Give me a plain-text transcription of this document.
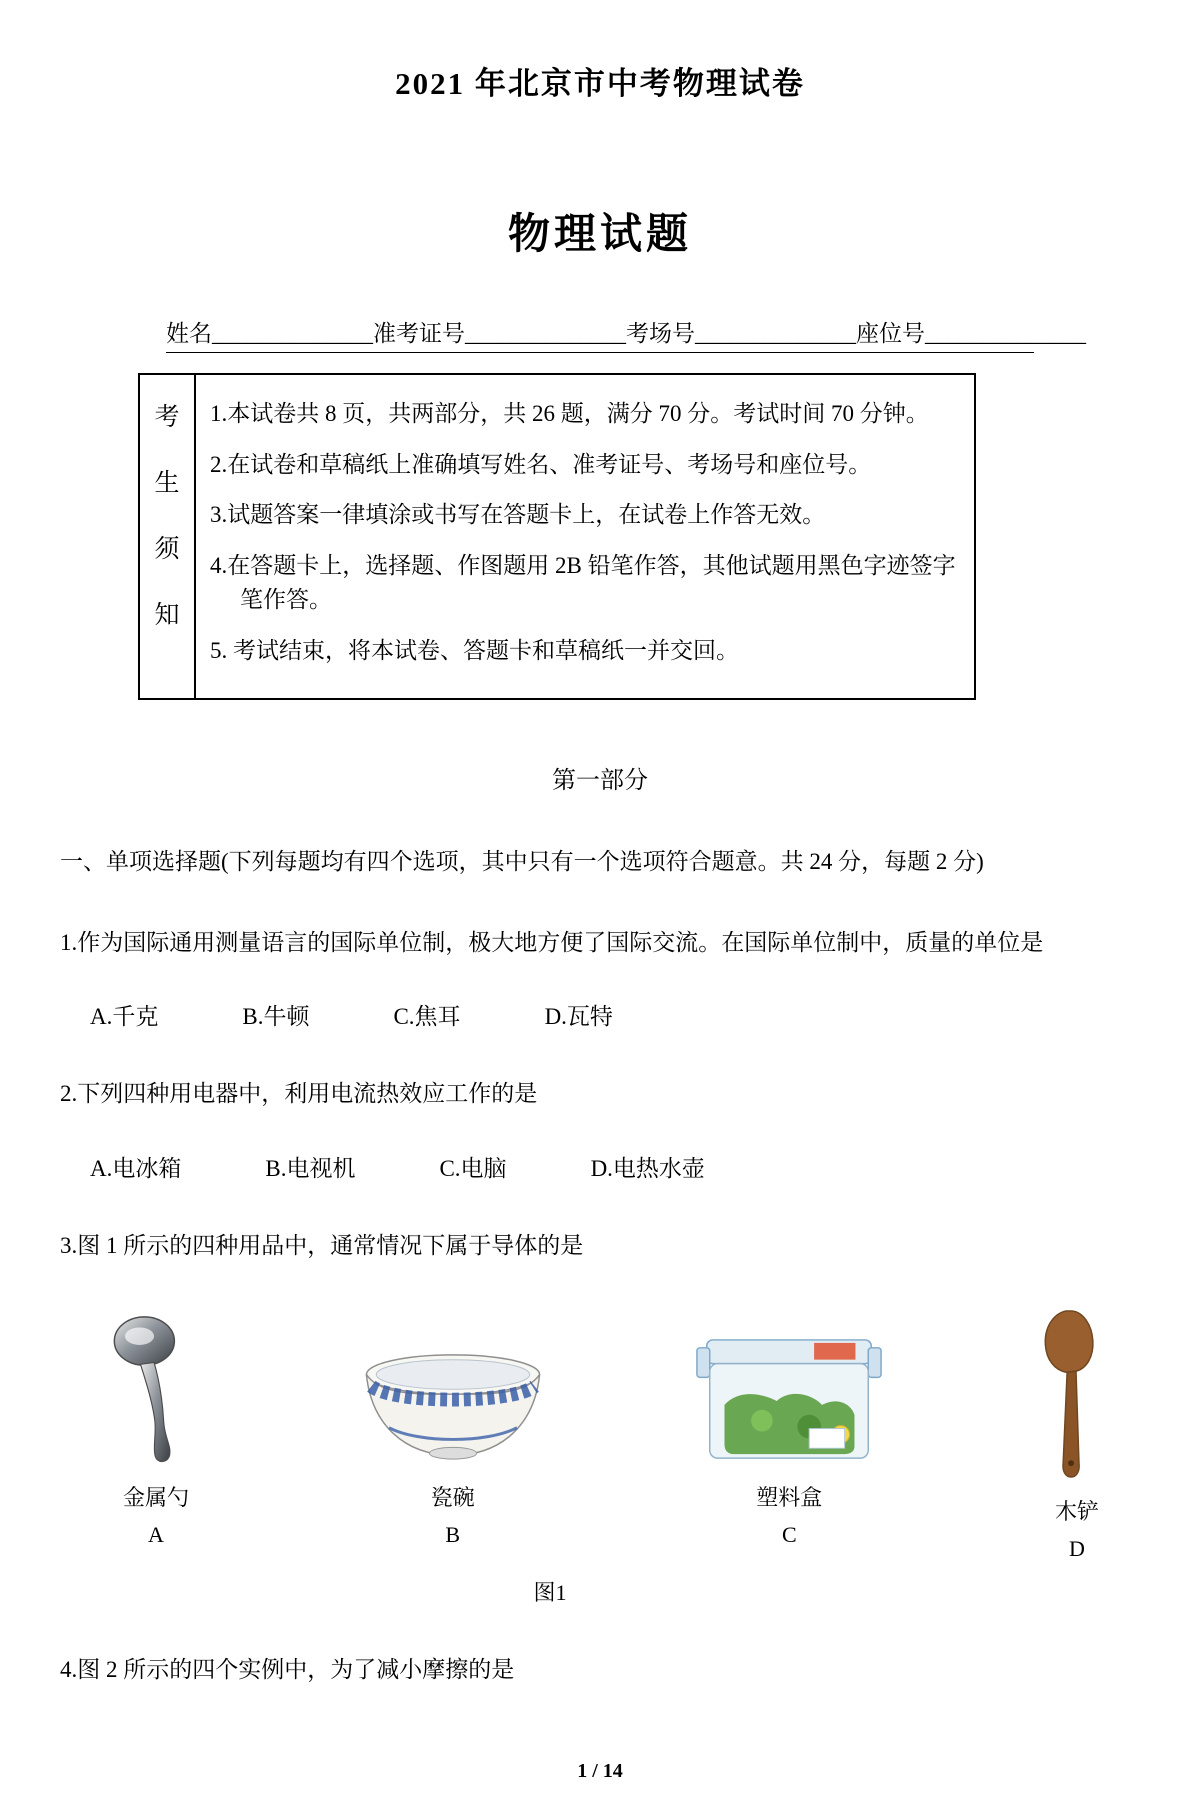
2021 年北京市中考物理试卷
物理试题
姓名______________ 准考证号______________ 考场号______________ 座位号______________
考
生
须
知

1.本试卷共 8 页，共两部分，共 26 题，满分 70 分。考试时间 70 分钟。

2.在试卷和草稿纸上准确填写姓名、准考证号、考场号和座位号。

3.试题答案一律填涂或书写在答题卡上，在试卷上作答无效。

4.在答题卡上，选择题、作图题用 2B 铅笔作答，其他试题用黑色字迹签字笔作答。

5. 考试结束，将本试卷、答题卡和草稿纸一并交回。

第一部分
一、单项选择题(下列每题均有四个选项，其中只有一个选项符合题意。共 24 分，每题 2 分)
1.作为国际通用测量语言的国际单位制，极大地方便了国际交流。在国际单位制中，质量的单位是
A.千克	B.牛顿	C.焦耳	D.瓦特
2.下列四种用电器中，利用电流热效应工作的是
A.电冰箱	B.电视机	C.电脑	D.电热水壶
3.图 1 所示的四种用品中，通常情况下属于导体的是
金属勺
A
瓷碗
B
塑料盒
C
木铲
D
图1
4.图 2 所示的四个实例中，为了减小摩擦的是
1 / 14
